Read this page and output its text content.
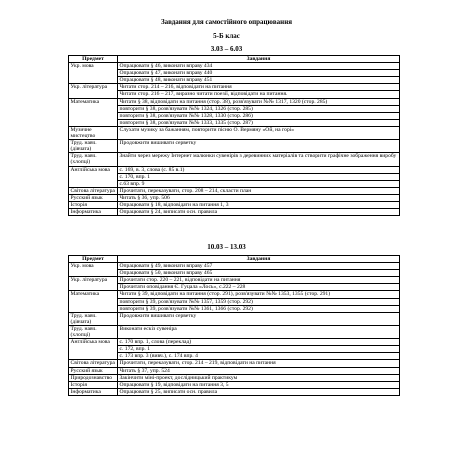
Завдання для самостійного опрацювання

5-Б клас

3.03 – 6.03

Предмет	Завдання
Укр. мова	Опрацювати § 46, виконати вправу 434
	Опрацювати § 47, виконати вправу 440
	Опрацювати § 48, виконати вправу 451
Укр. література	Читати стор. 214 – 216, відповідати на питання
	Читати стор. 216 – 217, виразно читати поезії, відповідати на питання.
Математика	Читати § 38, відповідати на питання (стор. 38), розв'язувати №№ 1317, 1320 (стор. 285)
	повторити § 38, розв'язувати №№ 1324, 1326 (стор. 285)
	повторити § 38, розв'язувати №№ 1328, 1330 (стор. 286)
	повторити § 38, розв'язувати №№ 1333, 1335 (стор. 287)
Музичне мистецтво	Слухати музику за бажанням, повторити пісню О. Вермяну «Ой, на горі»
Труд. навч. (дівчата)	Продовжити вишивати серветку
Труд. навч. (хлопці)	Знайти через мережу Інтернет малюнки сувенірів з деревинних матеріалів та створити графічне зображення виробу
Англійська мова	с. 169, в. 3, слова (с. 85 в.1)
	с. 170, впр. 1
	с.63 впр. 9
Світова література	Прочитати, переказувати, стор. 208 – 214, скласти план
Русский язык	Читать § 36, упр. 506
Історія	Опрацювати § 18, відповідати на питання 1, 3
Інформатика	Опрацювати § 24, виписати осн. правила

10.03 – 13.03

Предмет	Завдання
Укр. мова	Опрацювати § 49, виконати вправу 457
	Опрацювати § 50, виконати вправу 465
Укр. література	Прочитати стор. 220 – 221, відповідати на питання
	Прочитати оповідання Є. Гуцала «Лось», с.222 – 228
Математика	Читати § 39, відповідати на питання (стор. 291), розв'язувати №№ 1353, 1355 (стор. 291)
	повторити § 39, розв'язувати №№ 1357, 1359 (стор. 292)
	повторити § 39, розв'язувати №№ 1361, 1366 (стор. 292)
Труд. навч. (дівчата)	Продовжити вишивати серветку
Труд. навч. (хлопці)	Виконати ескіз сувеніра
Англійська мова	с. 170 впр. 1, слова (переклад)
	с. 172, впр. 1
	с. 173 впр. 3 (вивч.), с. 174 впр. 4
Світова література	Прочитати, переказувати, стор. 214 – 219, відповідати на питання
Русский язык	Читать § 37, упр. 524
Природознавство	Закінчити міні-проект, дослідницький практикум
Історія	Опрацювати § 19, відповідати на питання 3, 5
Інформатика	Опрацювати § 25, виписати осн. правила
